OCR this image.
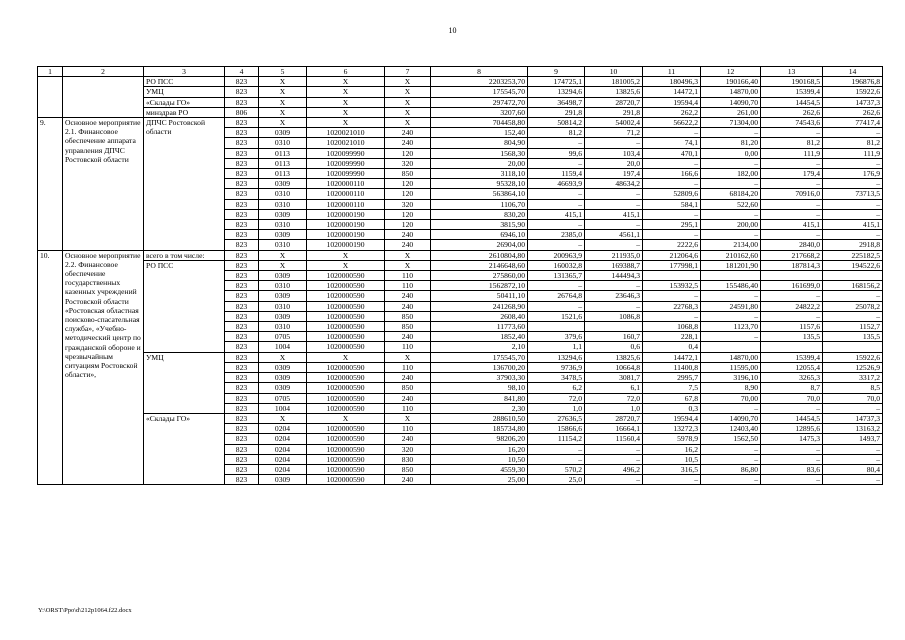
10
1	2	3	4	5	6	7	8	9	10	11	12	13	14
		РО ПСС	823	X	X	X	2203253,70	174725,1	181005,2	180496,3	190166,40	190168,5	196876,8
		УМЦ	823	X	X	X	175545,70	13294,6	13825,6	14472,1	14870,00	15399,4	15922,6
		«Склады ГО»	823	X	X	X	297472,70	36498,7	28720,7	19594,4	14090,70	14454,5	14737,3
		минздрав РО	806	X	X	X	3207,60	291,8	291,8	262,2	261,00	262,6	262,6
9.	Основное мероприятие 2.1. Финансовое обеспечение аппарата управления ДПЧС Ростовской области	ДПЧС Ростовской области	823	X	X	X	704458,80	50814,2	54002,4	56622,2	71304,00	74543,6	77417,4
			823	0309	1020021010	240	152,40	81,2	71,2	–	–	–	–
			823	0310	1020021010	240	804,90	–	–	74,1	81,20	81,2	81,2
			823	0113	1020099990	120	1568,30	99,6	103,4	470,1	0,00	111,9	111,9
			823	0113	1020099990	320	20,00	–	20,0	–	–	–	–
			823	0113	1020099990	850	3118,10	1159,4	197,4	166,6	182,00	179,4	176,9
			823	0309	1020000110	120	95328,10	46693,9	48634,2	–	–	–	–
			823	0310	1020000110	120	563864,10	–	–	52809,6	68184,20	70916,0	73713,5
			823	0310	1020000110	320	1106,70	–	–	584,1	522,60	–	–
			823	0309	1020000190	120	830,20	415,1	415,1	–	–	–	–
			823	0310	1020000190	120	3815,90	–	–	295,1	200,00	415,1	415,1
			823	0309	1020000190	240	6946,10	2385,0	4561,1	–	–	–	–
			823	0310	1020000190	240	26904,00	–	–	2222,6	2134,00	2840,0	2918,8
10.	Основное мероприятие 2.2. Финансовое обеспечение государственных казенных учреждений Ростовской области «Ростовская областная поисково-спасательная служба», «Учебно-методический центр по гражданской обороне и чрезвычайным ситуациям Ростовской области»,	всего в том числе:	823	X	X	X	2610804,80	200963,9	211935,0	212064,6	210162,60	217668,2	225182,5
		РО ПСС	823	X	X	X	2146648,60	160032,8	169388,7	177998,1	181201,90	187814,3	194522,6
			823	0309	1020000590	110	275860,00	131365,7	144494,3				
			823	0310	1020000590	110	1562872,10	–	–	153932,5	155486,40	161699,0	168156,2
			823	0309	1020000590	240	50411,10	26764,8	23646,3	–	–	–	–
			823	0310	1020000590	240	241268,90	–	–	22768,3	24591,80	24822,2	25078,2
			823	0309	1020000590	850	2608,40	1521,6	1086,8	–	–	–	–
			823	0310	1020000590	850	11773,60			1068,8	1123,70	1157,6	1152,7
			823	0705	1020000590	240	1852,40	379,6	160,7	228,1	–	135,5	135,5
			823	1004	1020000590	110	2,10	1,1	0,6	0,4			
		УМЦ	823	X	X	X	175545,70	13294,6	13825,6	14472,1	14870,00	15399,4	15922,6
			823	0309	1020000590	110	136700,20	9736,9	10664,8	11400,8	11595,00	12055,4	12526,9
			823	0309	1020000590	240	37903,30	3478,5	3081,7	2995,7	3196,10	3265,3	3317,2
			823	0309	1020000590	850	98,10	6,2	6,1	7,5	8,90	8,7	8,5
			823	0705	1020000590	240	841,80	72,0	72,0	67,8	70,00	70,0	70,0
			823	1004	1020000590	110	2,30	1,0	1,0	0,3	–	–	–
		«Склады ГО»	823	X	X	X	288610,50	27636,5	28720,7	19594,4	14090,70	14454,5	14737,3
			823	0204	1020000590	110	185734,80	15866,6	16664,1	13272,3	12403,40	12895,6	13163,2
			823	0204	1020000590	240	98206,20	11154,2	11560,4	5978,9	1562,50	1475,3	1493,7
			823	0204	1020000590	320	16,20	–	–	16,2	–	–	–
			823	0204	1020000590	830	10,50	–	–	10,5	–	–	–
			823	0204	1020000590	850	4559,30	570,2	496,2	316,5	86,80	83,6	80,4
			823	0309	1020000590	240	25,00	25,0	–	–	–	–	–
Y:\ORST\Ppo\d\212p1064.f22.docx
